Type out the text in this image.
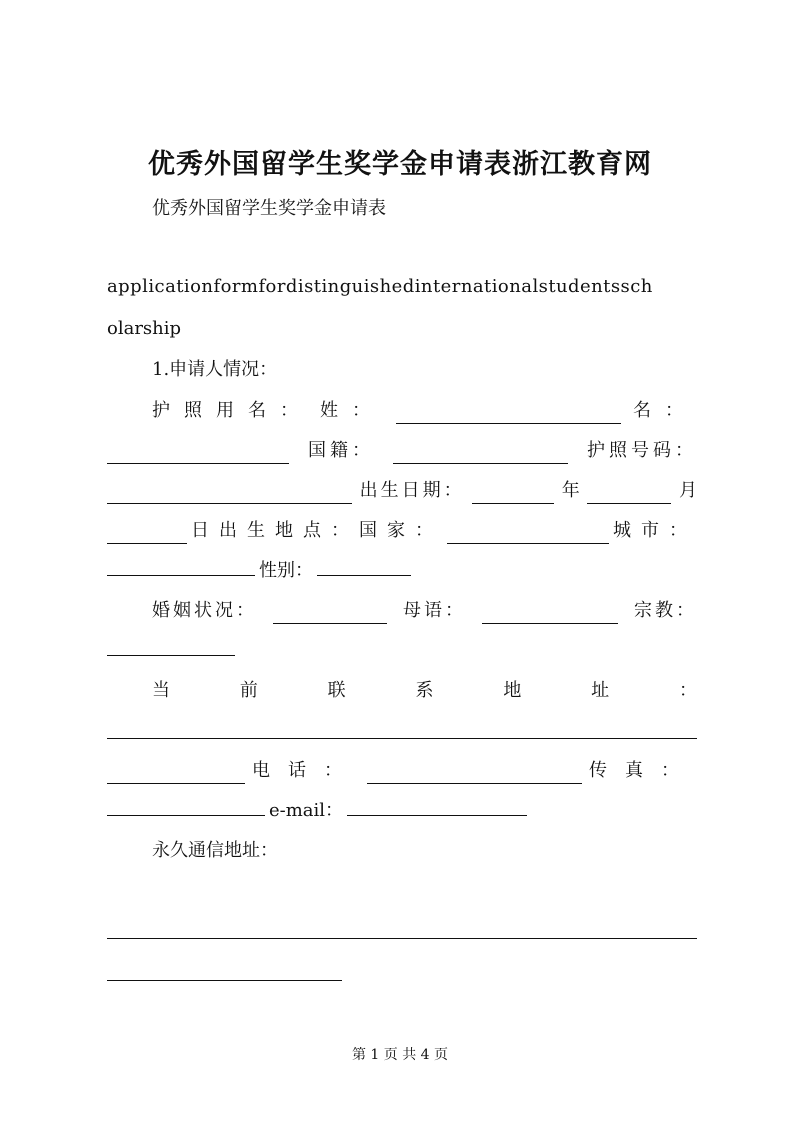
优秀外国留学生奖学金申请表浙江教育网
优秀外国留学生奖学金申请表
applicationformfordistinguishedinternationalstudentssch
olarship
1.申请人情况：
护照用名： 姓：	名：
国籍：	护照号码：
出生日期：	年	月
日出生地点： 国家：	城市：
性别：
婚姻状况：	母语：	宗教：
当	前	联	系	地	址	：
电话：	传真：
e-mail：
永久通信地址：
第 1 页 共 4 页
